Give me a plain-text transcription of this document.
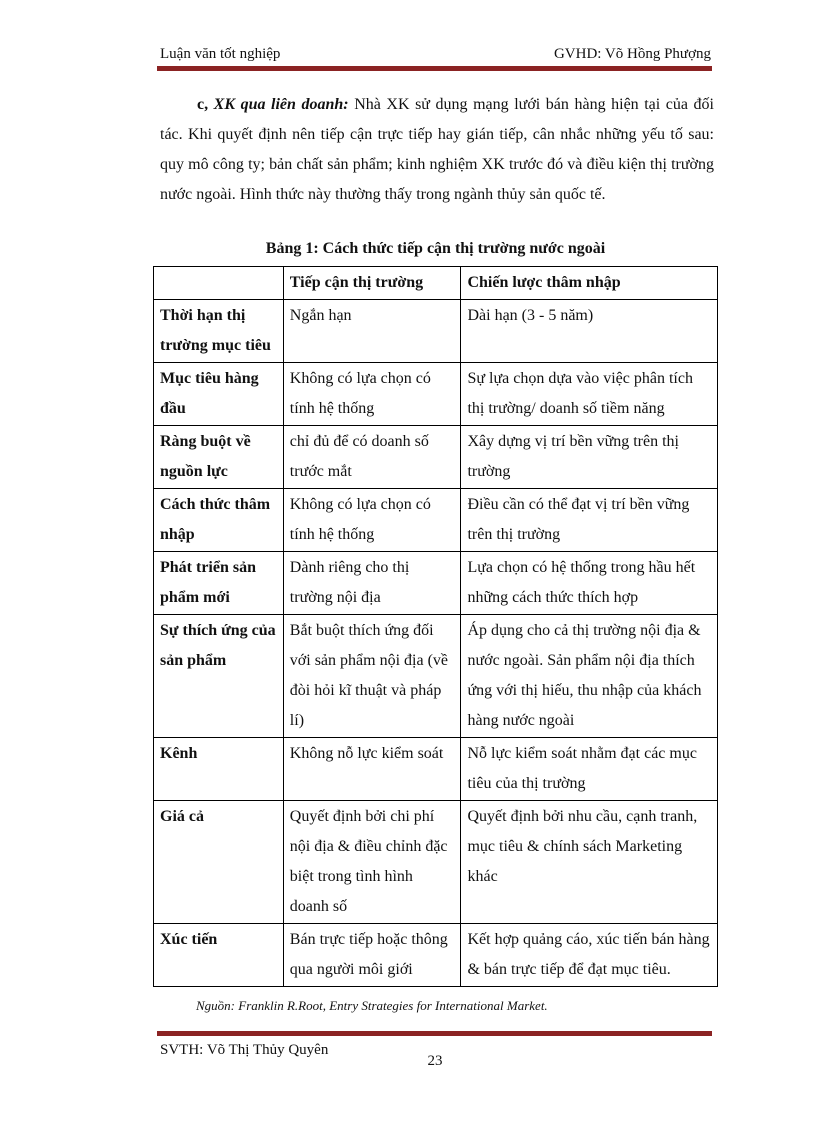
Luận văn tốt nghiệp	GVHD: Võ Hồng Phượng

c, XK qua liên doanh: Nhà XK sử dụng mạng lưới bán hàng hiện tại của đối tác. Khi quyết định nên tiếp cận trực tiếp hay gián tiếp, cân nhắc những yếu tố sau: quy mô công ty; bản chất sản phẩm; kinh nghiệm XK trước đó và điều kiện thị trường nước ngoài. Hình thức này thường thấy trong ngành thủy sản quốc tế.

Bảng 1: Cách thức tiếp cận thị trường nước ngoài
	Tiếp cận thị trường	Chiến lược thâm nhập
Thời hạn thị trường mục tiêu	Ngắn hạn	Dài hạn (3 - 5 năm)
Mục tiêu hàng đầu	Không có lựa chọn có tính hệ thống	Sự lựa chọn dựa vào việc phân tích thị trường/ doanh số tiềm năng
Ràng buột về nguồn lực	chỉ đủ để có doanh số trước mắt	Xây dựng vị trí bền vững trên thị trường
Cách thức thâm nhập	Không có lựa chọn có tính hệ thống	Điều cần có thể đạt vị trí bền vững trên thị trường
Phát triển sản phẩm mới	Dành riêng cho thị trường nội địa	Lựa chọn có hệ thống trong hầu hết những cách thức thích hợp
Sự thích ứng của sản phẩm	Bắt buột thích ứng đối với sản phẩm nội địa (về đòi hỏi kĩ thuật và pháp lí)	Áp dụng cho cả thị trường nội địa & nước ngoài. Sản phẩm nội địa thích ứng với thị hiếu, thu nhập của khách hàng nước ngoài
Kênh	Không nỗ lực kiểm soát	Nỗ lực kiểm soát nhằm đạt các mục tiêu của thị trường
Giá cả	Quyết định bởi chi phí nội địa & điều chỉnh đặc biệt trong tình hình doanh số	Quyết định bởi nhu cầu, cạnh tranh, mục tiêu & chính sách Marketing khác
Xúc tiến	Bán trực tiếp hoặc thông qua người môi giới	Kết hợp quảng cáo, xúc tiến bán hàng & bán trực tiếp để đạt mục tiêu.
Nguồn: Franklin R.Root, Entry Strategies for International Market.
SVTH: Võ Thị Thủy Quyên
23
